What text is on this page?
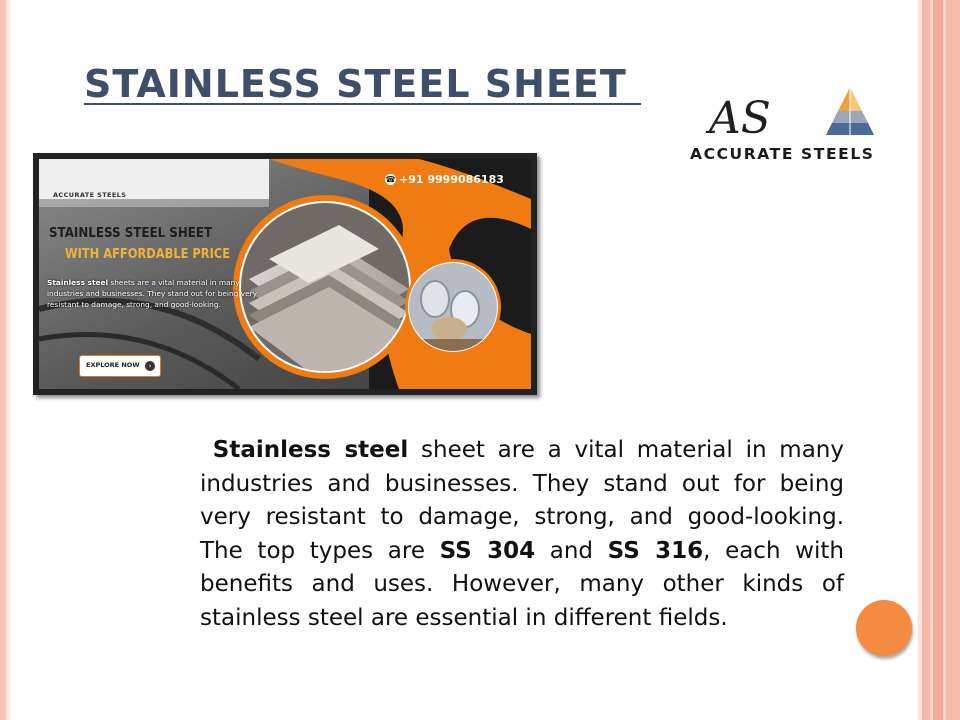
STAINLESS STEEL SHEET
AS
ACCURATE STEELS
☎ +91 9999086183
ACCURATE STEELS
STAINLESS STEEL SHEET
WITH AFFORDABLE PRICE
Stainless steel sheets are a vital material in many industries and businesses. They stand out for being very resistant to damage, strong, and good-looking.
EXPLORE NOW	›
Stainless steel sheet are a vital material in many industries and businesses. They stand out for being very resistant to damage, strong, and good-looking. The top types are SS 304 and SS 316, each with benefits and uses. However, many other kinds of stainless steel are essential in different fields.
